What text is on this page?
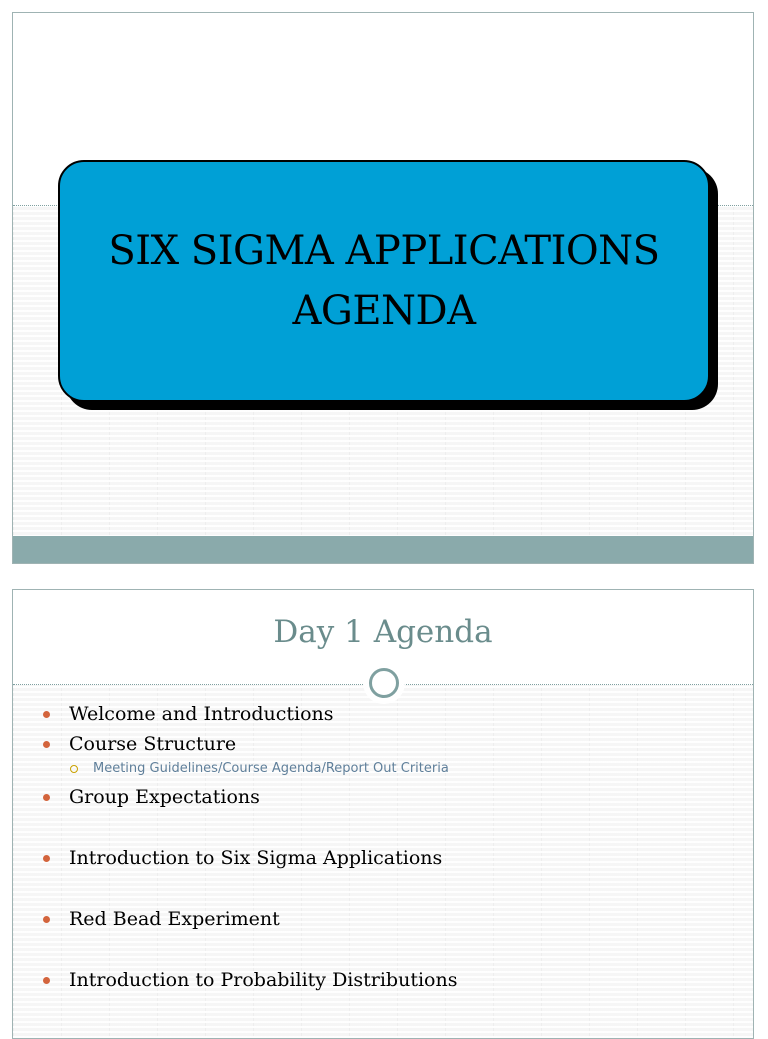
SIX SIGMA APPLICATIONS
AGENDA
Day 1 Agenda
Welcome and Introductions
Course Structure
Meeting Guidelines/Course Agenda/Report Out Criteria
Group Expectations
Introduction to Six Sigma Applications
Red Bead Experiment
Introduction to Probability Distributions
